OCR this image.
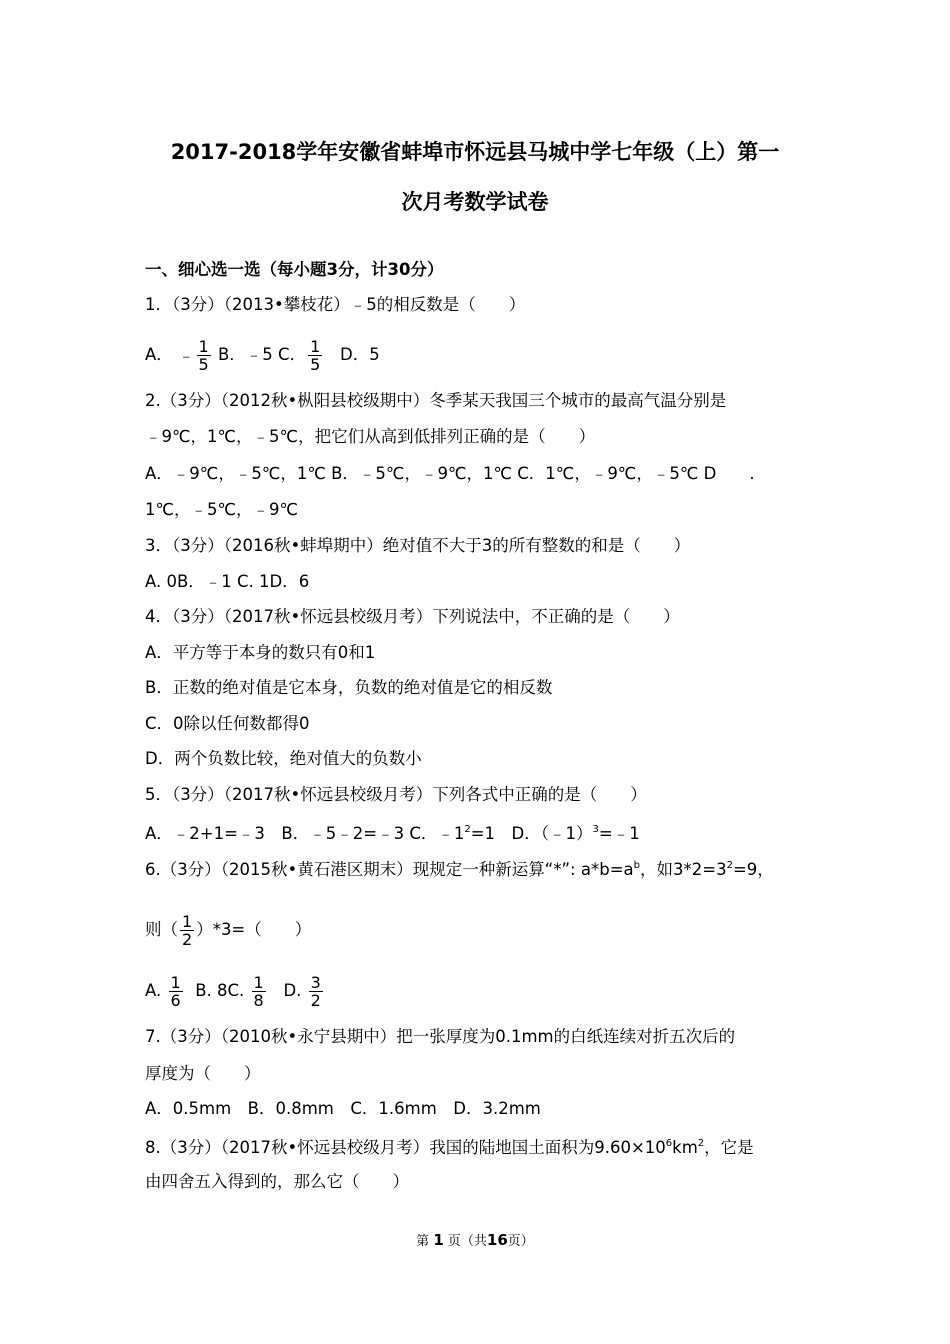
2017-2018学年安徽省蚌埠市怀远县马城中学七年级（上）第一
次月考数学试卷
一、细心选一选（每小题3分，计30分）
1．（3分）（2013•攀枝花）﹣5的相反数是（　　）
A． ﹣ $\frac{1}{5}$ B．﹣5 C． $\frac{1}{5}$ D．5
2.（3分）（2012秋•枞阳县校级期中）冬季某天我国三个城市的最高气温分别是
﹣9℃，1℃，﹣5℃，把它们从高到低排列正确的是（　　）
A．﹣9℃，﹣5℃，1℃ B．﹣5℃，﹣9℃，1℃ C．1℃，﹣9℃，﹣5℃ D　　.
1℃，﹣5℃，﹣9℃
3．（3分）（2016秋•蚌埠期中）绝对值不大于3的所有整数的和是（　　）
A. 0B．﹣1 C. 1D．6
4．（3分）（2017秋•怀远县校级月考）下列说法中，不正确的是（　　）
A．平方等于本身的数只有0和1
B．正数的绝对值是它本身，负数的绝对值是它的相反数
C．0除以任何数都得0
D．两个负数比较，绝对值大的负数小
5．（3分）（2017秋•怀远县校级月考）下列各式中正确的是（　　）
A．﹣2+1=﹣3　B．﹣5﹣2=﹣3 C．$﹣1^2=1$　D．（﹣1）$^3$=﹣1
6.（3分）（2015秋•黄石港区期末）现规定一种新运算“*”: $a*b=a^b$，如$3*2=3^2=9$，
则（ $\frac{1}{2} )*3=$（　　）
A. $\frac{1}{6} B$. 8C. $\frac{1}{8} D$. $\frac{3}{2}$
7.（3分）（2010秋•永宁县期中）把一张厚度为0.1mm的白纸连续对折五次后的
厚度为（　　）
A．0.5mm　B．0.8mm　C．1.6mm　D．3.2mm
8.（3分）（2017秋•怀远县校级月考）我国的陆地国土面积为$9.60\times 10^6km^2$，它是
由四舍五入得到的，那么它（　　）
第 1 页（共16页）
